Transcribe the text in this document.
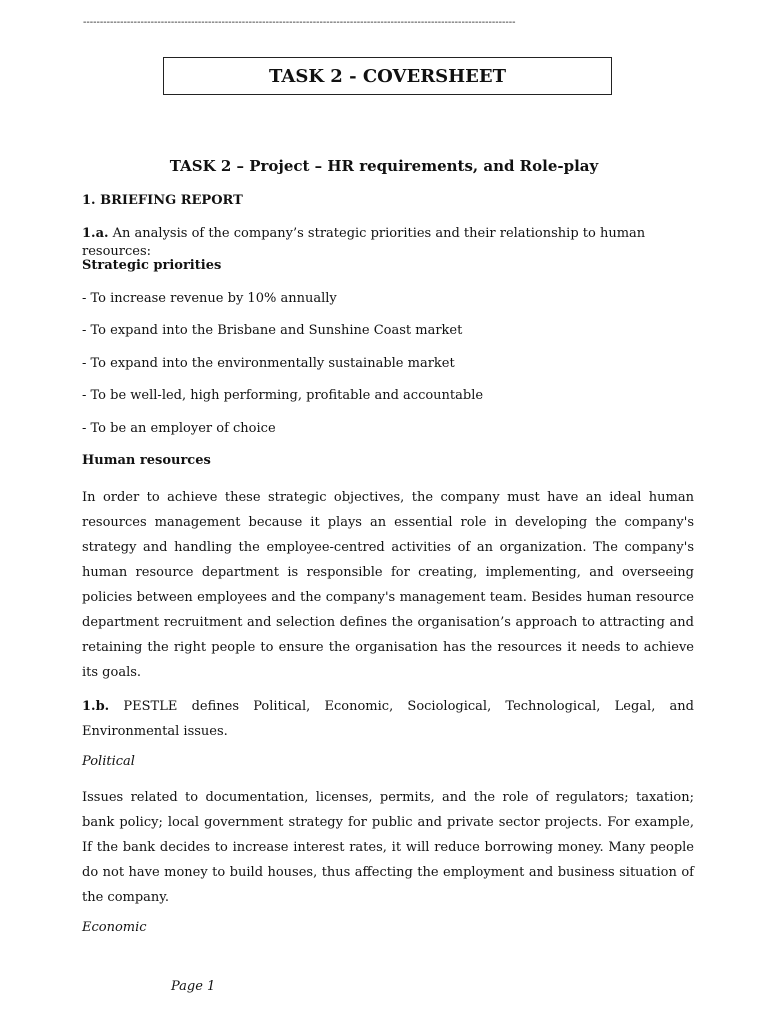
--------------------------------------------------------------------------------------------------------------------------------
TASK 2 - COVERSHEET
TASK 2 – Project – HR requirements, and Role-play
1. BRIEFING REPORT
1.a. An analysis of the company’s strategic priorities and their relationship to human resources:
Strategic priorities
- To increase revenue by 10% annually
- To expand into the Brisbane and Sunshine Coast market
- To expand into the environmentally sustainable market
- To be well-led, high performing, profitable and accountable
- To be an employer of choice
Human resources

In order to achieve these strategic objectives, the company must have an ideal human resources management because it plays an essential role in developing the company's strategy and handling the employee-centred activities of an organization. The company's human resource department is responsible for creating, implementing, and overseeing policies between employees and the company's management team. Besides human resource department recruitment and selection defines the organisation’s approach to attracting and retaining the right people to ensure the organisation has the resources it needs to achieve its goals.

1.b. PESTLE defines Political, Economic, Sociological, Technological, Legal, and Environmental issues.

Political

Issues related to documentation, licenses, permits, and the role of regulators; taxation; bank policy; local government strategy for public and private sector projects. For example, If the bank decides to increase interest rates, it will reduce borrowing money. Many people do not have money to build houses, thus affecting the employment and business situation of the company.

Economic
Page 1
